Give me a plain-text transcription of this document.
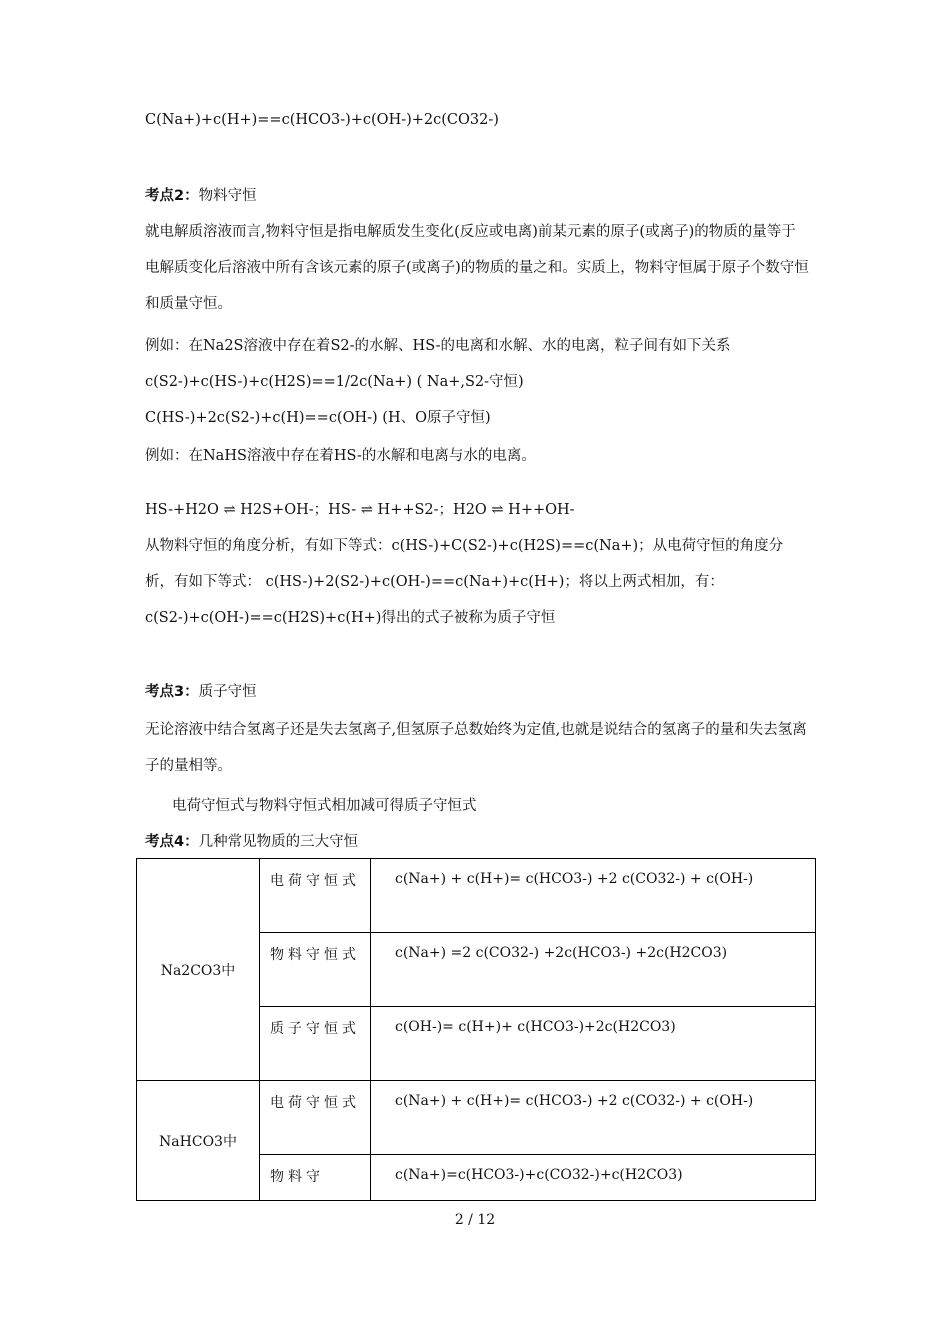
C(Na+)+c(H+)==c(HCO3-)+c(OH-)+2c(CO32-)
考点2：物料守恒
就电解质溶液而言,物料守恒是指电解质发生变化(反应或电离)前某元素的原子(或离子)的物质的量等于电解质变化后溶液中所有含该元素的原子(或离子)的物质的量之和。实质上，物料守恒属于原子个数守恒和质量守恒。
例如：在Na2S溶液中存在着S2-的水解、HS-的电离和水解、水的电离，粒子间有如下关系
c(S2-)+c(HS-)+c(H2S)==1/2c(Na+) ( Na+,S2-守恒)
C(HS-)+2c(S2-)+c(H)==c(OH-) (H、O原子守恒)
例如：在NaHS溶液中存在着HS-的水解和电离与水的电离。
HS-+H2O ⇌ H2S+OH-；HS- ⇌ H++S2-；H2O ⇌ H++OH-
从物料守恒的角度分析，有如下等式：c(HS-)+C(S2-)+c(H2S)==c(Na+)；从电荷守恒的角度分析，有如下等式： c(HS-)+2(S2-)+c(OH-)==c(Na+)+c(H+)；将以上两式相加，有：
c(S2-)+c(OH-)==c(H2S)+c(H+)得出的式子被称为质子守恒
考点3：质子守恒
无论溶液中结合氢离子还是失去氢离子,但氢原子总数始终为定值,也就是说结合的氢离子的量和失去氢离子的量相等。
电荷守恒式与物料守恒式相加减可得质子守恒式
考点4：几种常见物质的三大守恒
Na2CO3中	电荷守恒式	c(Na+) + c(H+)= c(HCO3-) +2 c(CO32-) + c(OH-)
	物料守恒式	c(Na+) =2 c(CO32-) +2c(HCO3-) +2c(H2CO3)
	质子守恒式	c(OH-)= c(H+)+ c(HCO3-)+2c(H2CO3)
NaHCO3中	电荷守恒式	c(Na+) + c(H+)= c(HCO3-) +2 c(CO32-) + c(OH-)
	物料守	c(Na+)=c(HCO3-)+c(CO32-)+c(H2CO3)
2 / 12
